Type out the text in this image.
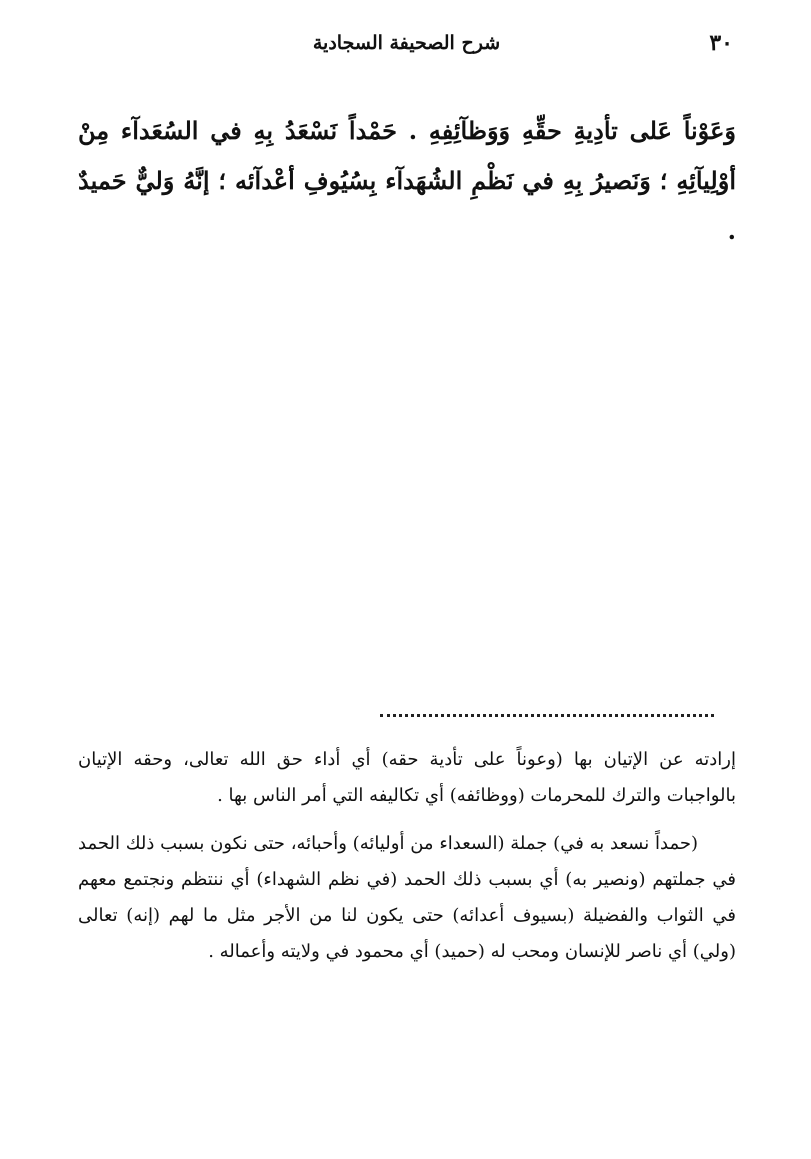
٣٠
شرح الصحيفة السجادية
وَعَوْناً عَلى تأدِيةِ حقِّهِ وَوَظآئِفِهِ . حَمْداً نَسْعَدُ بِهِ في السُعَدآء مِنْ أوْلِيآئِهِ ؛ وَنَصيرُ بِهِ في نَظْمِ الشُهَدآء بِسُيُوفِ أعْدآئه ؛ إنَّهُ وَليٌّ حَميدٌ .

إرادته عن الإتيان بها (وعوناً على تأدية حقه) أي أداء حق الله تعالى، وحقه الإتيان بالواجبات والترك للمحرمات (ووظائفه) أي تكاليفه التي أمر الناس بها .

(حمداً نسعد به في) جملة (السعداء من أوليائه) وأحبائه، حتى نكون بسبب ذلك الحمد في جملتهم (ونصير به) أي بسبب ذلك الحمد (في نظم الشهداء) أي ننتظم ونجتمع معهم في الثواب والفضيلة (بسيوف أعدائه) حتى يكون لنا من الأجر مثل ما لهم (إنه) تعالى (ولي) أي ناصر للإنسان ومحب له (حميد) أي محمود في ولايته وأعماله .
